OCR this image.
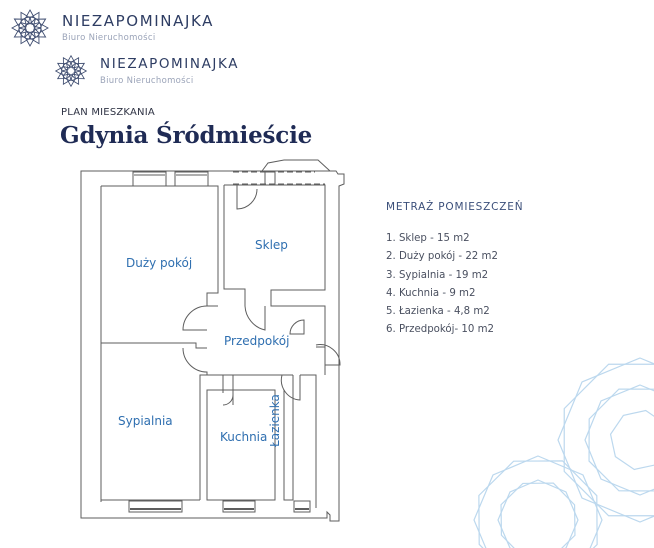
NIEZAPOMINAJKA
Biuro Nieruchomości
NIEZAPOMINAJKA
Biuro Nieruchomości
PLAN MIESZKANIA
Gdynia Śródmieście
Duży pokój
Sklep
Przedpokój
Sypialnia
Kuchnia Łazienka
METRAŻ POMIESZCZEŃ
1. Sklep - 15 m2
2. Duży pokój - 22 m2
3. Sypialnia - 19 m2
4. Kuchnia - 9 m2
5. Łazienka - 4,8 m2
6. Przedpokój- 10 m2
